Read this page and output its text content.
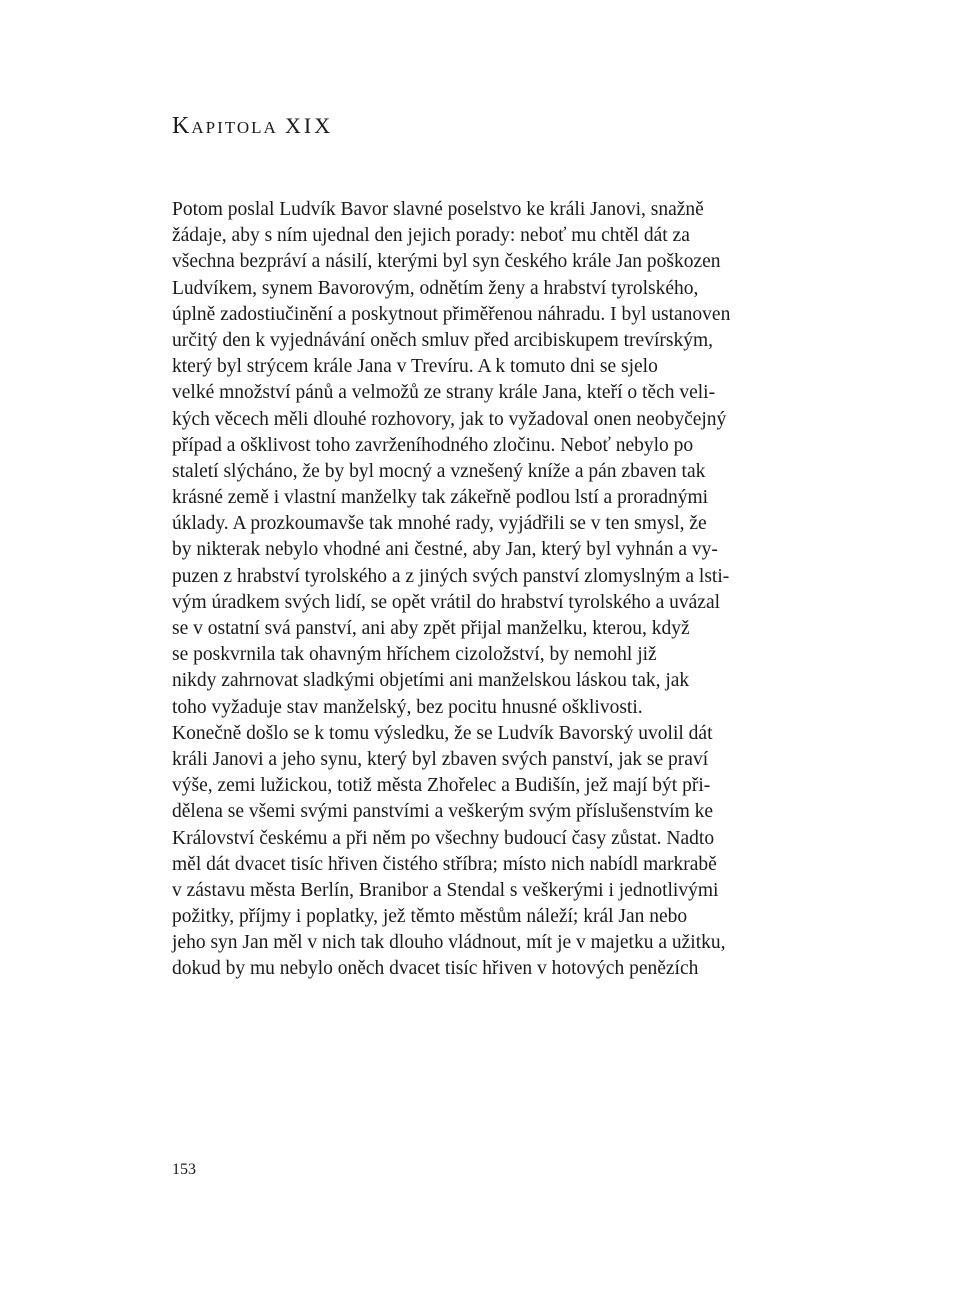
KAPITOLA XIX
Potom poslal Ludvík Bavor slavné poselstvo ke králi Janovi, snažně
žádaje, aby s ním ujednal den jejich porady: neboť mu chtěl dát za
všechna bezpráví a násilí, kterými byl syn českého krále Jan poškozen
Ludvíkem, synem Bavorovým, odnětím ženy a hrabství tyrolského,
úplně zadostiučinění a poskytnout přiměřenou náhradu. I byl ustanoven
určitý den k vyjednávání oněch smluv před arcibiskupem trevírským,
který byl strýcem krále Jana v Trevíru. A k tomuto dni se sjelo
velké množství pánů a velmožů ze strany krále Jana, kteří o těch veli-
kých věcech měli dlouhé rozhovory, jak to vyžadoval onen neobyčejný
případ a ošklivost toho zavrženíhodného zločinu. Neboť nebylo po
staletí slýcháno, že by byl mocný a vznešený kníže a pán zbaven tak
krásné země i vlastní manželky tak zákeřně podlou lstí a proradnými
úklady. A prozkoumavše tak mnohé rady, vyjádřili se v ten smysl, že
by nikterak nebylo vhodné ani čestné, aby Jan, který byl vyhnán a vy-
puzen z hrabství tyrolského a z jiných svých panství zlomyslným a lsti-
vým úradkem svých lidí, se opět vrátil do hrabství tyrolského a uvázal
se v ostatní svá panství, ani aby zpět přijal manželku, kterou, když
se poskvrnila tak ohavným hříchem cizoložství, by nemohl již
nikdy zahrnovat sladkými objetími ani manželskou láskou tak, jak
toho vyžaduje stav manželský, bez pocitu hnusné ošklivosti.
Konečně došlo se k tomu výsledku, že se Ludvík Bavorský uvolil dát
králi Janovi a jeho synu, který byl zbaven svých panství, jak se praví
výše, zemi lužickou, totiž města Zhořelec a Budišín, jež mají být při-
dělena se všemi svými panstvími a veškerým svým příslušenstvím ke
Království českému a při něm po všechny budoucí časy zůstat. Nadto
měl dát dvacet tisíc hřiven čistého stříbra; místo nich nabídl markrabě
v zástavu města Berlín, Branibor a Stendal s veškerými i jednotlivými
požitky, příjmy i poplatky, jež těmto městům náleží; král Jan nebo
jeho syn Jan měl v nich tak dlouho vládnout, mít je v majetku a užitku,
dokud by mu nebylo oněch dvacet tisíc hřiven v hotových penězích

153
